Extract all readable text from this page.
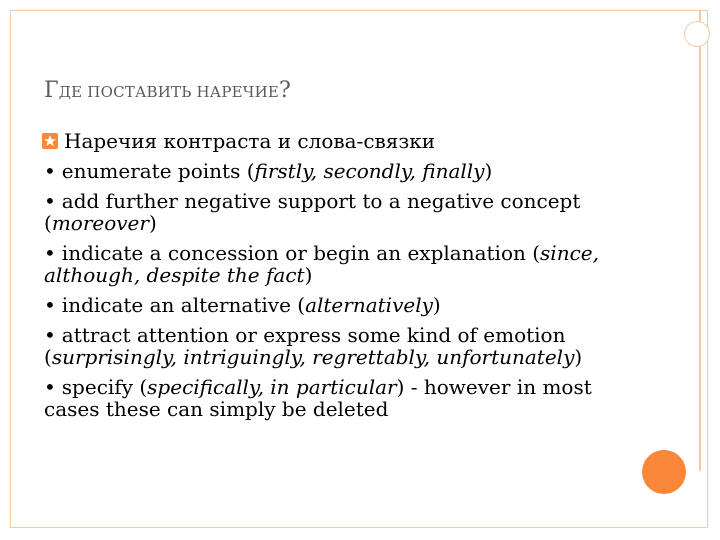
ГДЕ ПОСТАВИТЬ НАРЕЧИЕ?
Наречия контраста и слова-связки
• enumerate points (firstly, secondly, finally)
• add further negative support to a negative concept (moreover)
• indicate a concession or begin an explanation (since, although, despite the fact)
• indicate an alternative (alternatively)
• attract attention or express some kind of emotion (surprisingly, intriguingly, regrettably, unfortunately)
• specify (specifically, in particular) - however in most cases these can simply be deleted
